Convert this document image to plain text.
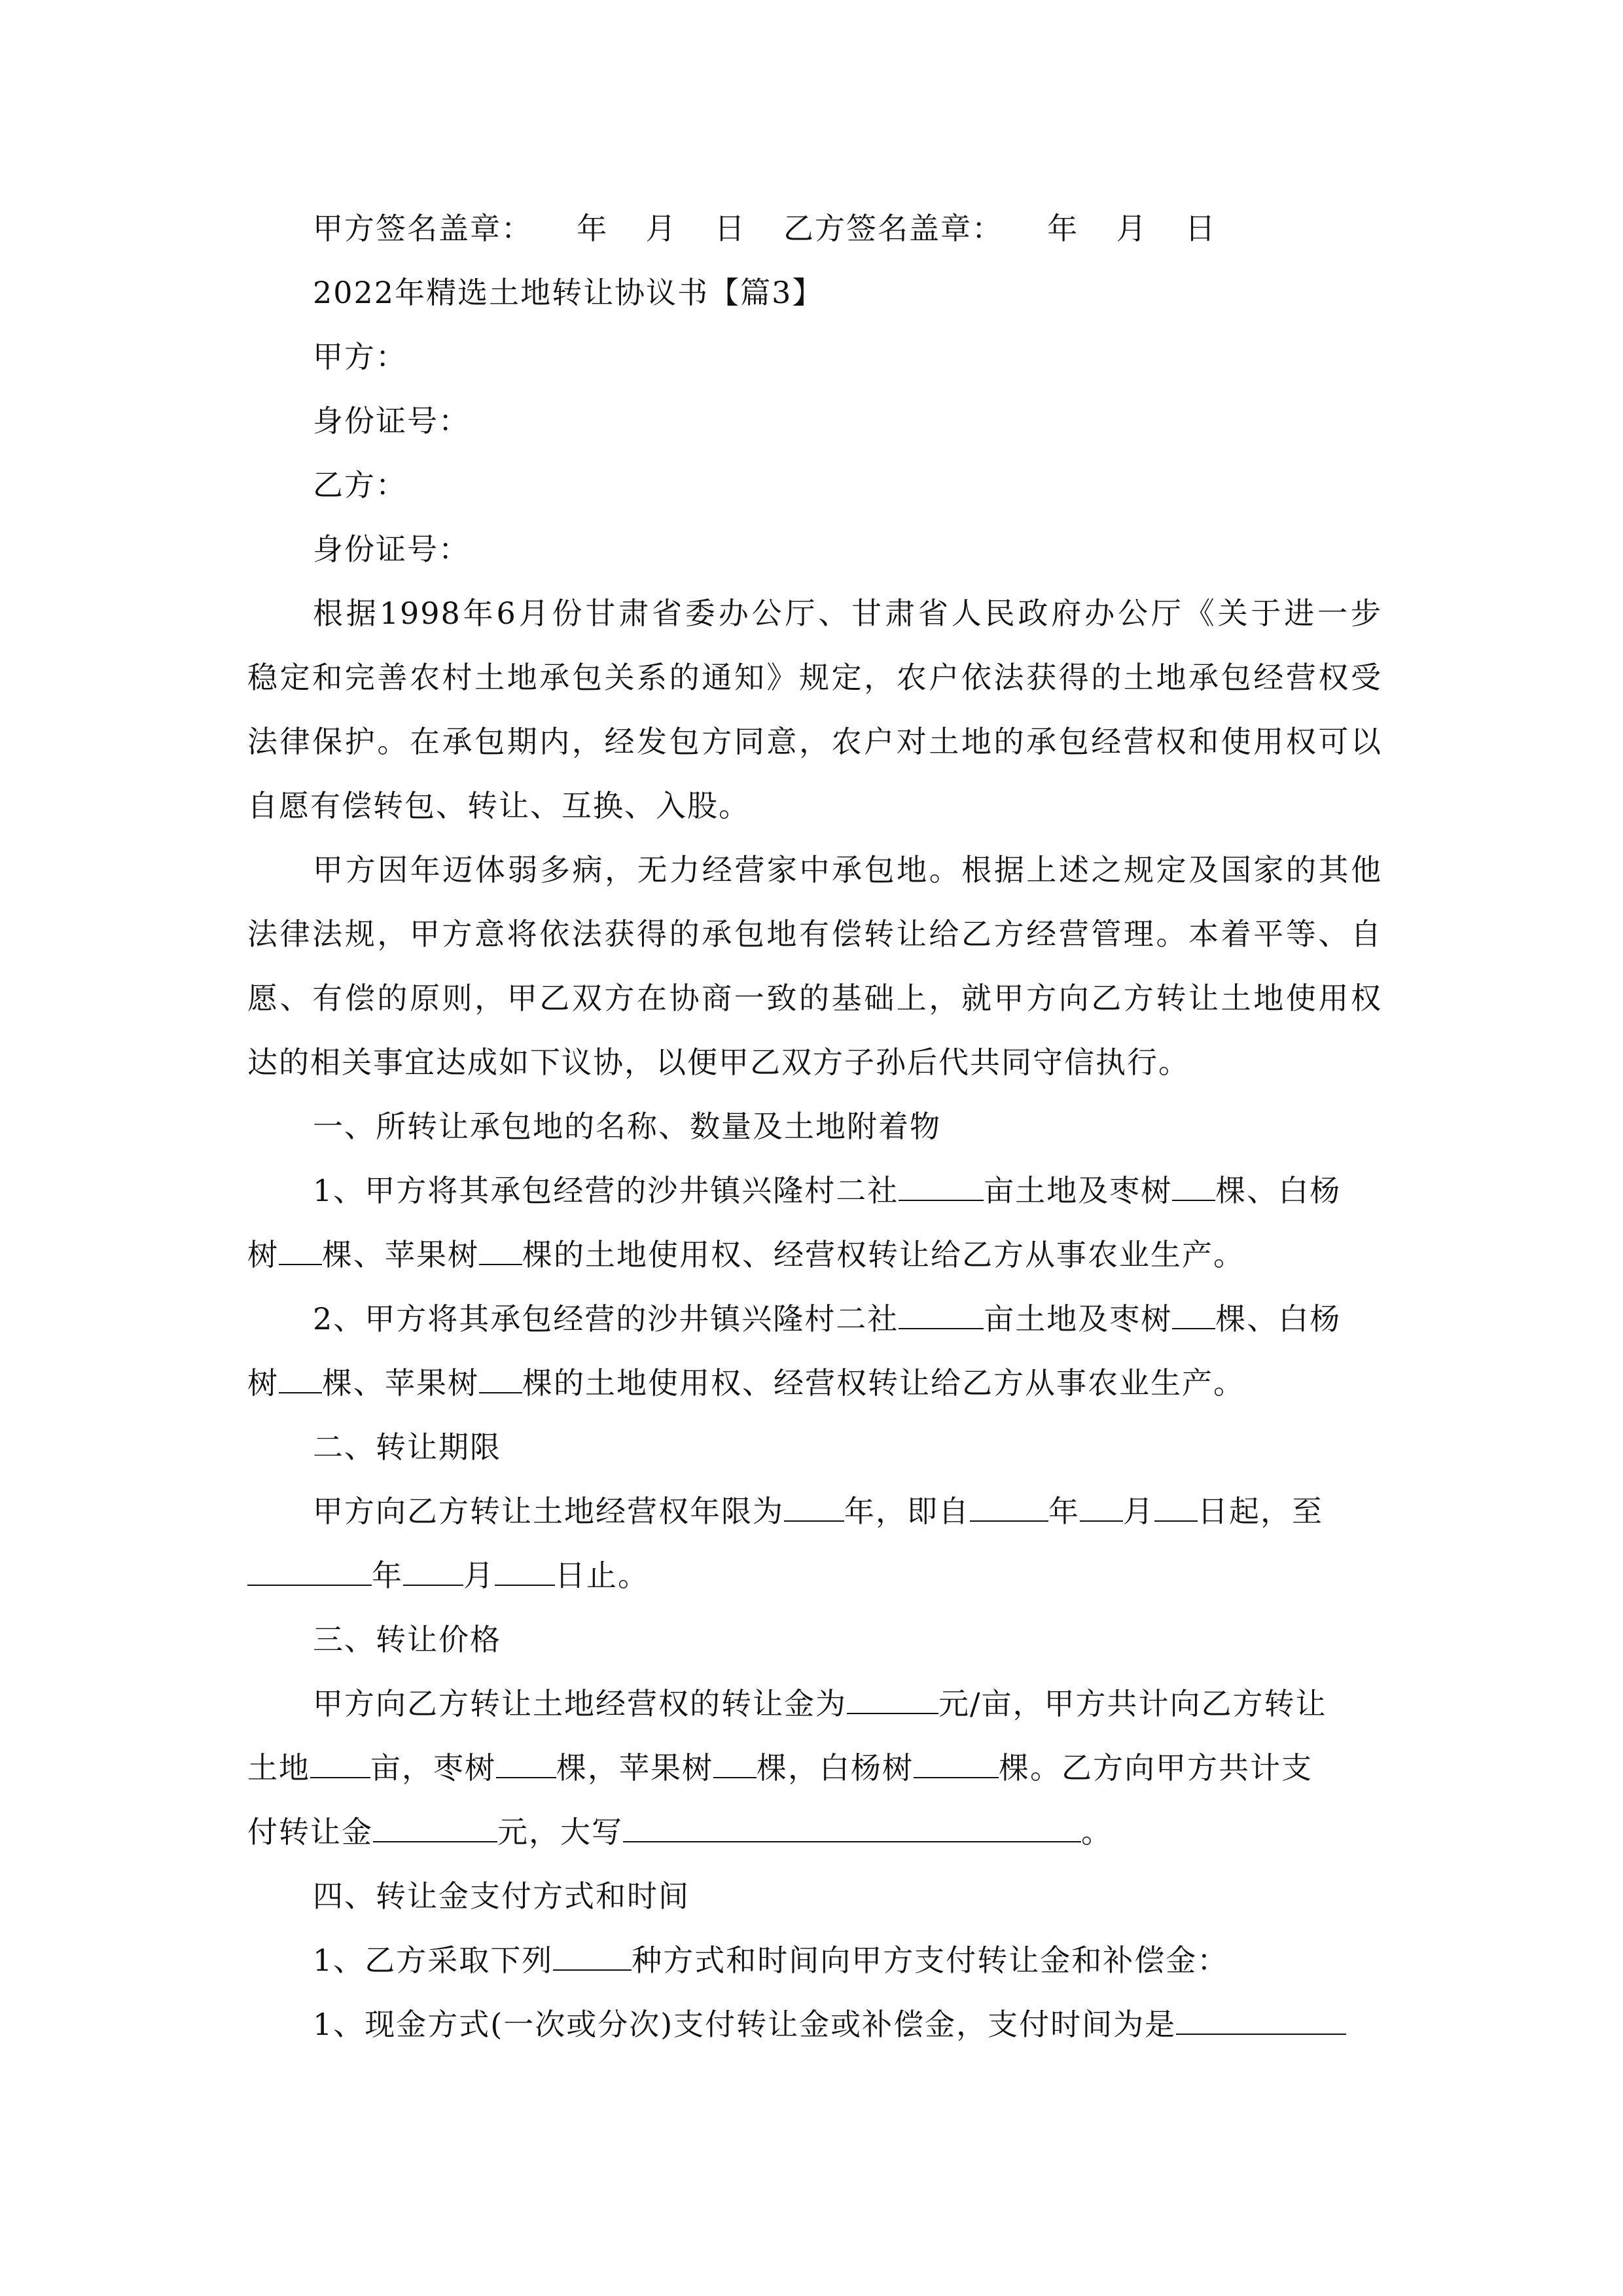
甲方签名盖章： 年 月 日 乙方签名盖章： 年 月 日
2022年精选土地转让协议书【篇3】
甲方：
身份证号：
乙方：
身份证号：
根据1998年6月份甘肃省委办公厅、甘肃省人民政府办公厅《关于进一步
稳定和完善农村土地承包关系的通知》规定，农户依法获得的土地承包经营权受
法律保护。在承包期内，经发包方同意，农户对土地的承包经营权和使用权可以
自愿有偿转包、转让、互换、入股。
甲方因年迈体弱多病，无力经营家中承包地。根据上述之规定及国家的其他
法律法规，甲方意将依法获得的承包地有偿转让给乙方经营管理。本着平等、自
愿、有偿的原则，甲乙双方在协商一致的基础上，就甲方向乙方转让土地使用权
达的相关事宜达成如下议协，以便甲乙双方子孙后代共同守信执行。
一、所转让承包地的名称、数量及土地附着物
1、甲方将其承包经营的沙井镇兴隆村二社	亩土地及枣树 棵、白杨
树 棵、苹果树 棵的土地使用权、经营权转让给乙方从事农业生产。
2、甲方将其承包经营的沙井镇兴隆村二社	亩土地及枣树 棵、白杨
树 棵、苹果树 棵的土地使用权、经营权转让给乙方从事农业生产。
二、转让期限
甲方向乙方转让土地经营权年限为 年，即自	年 月 日起，至
年 月 日止。
三、转让价格
甲方向乙方转让土地经营权的转让金为	元/亩，甲方共计向乙方转让
土地 亩，枣树 棵，苹果树 棵，白杨树	棵。乙方向甲方共计支
付转让金	元，大写	。
四、转让金支付方式和时间
1、乙方采取下列	种方式和时间向甲方支付转让金和补偿金：
1、现金方式(一次或分次)支付转让金或补偿金，支付时间为是
